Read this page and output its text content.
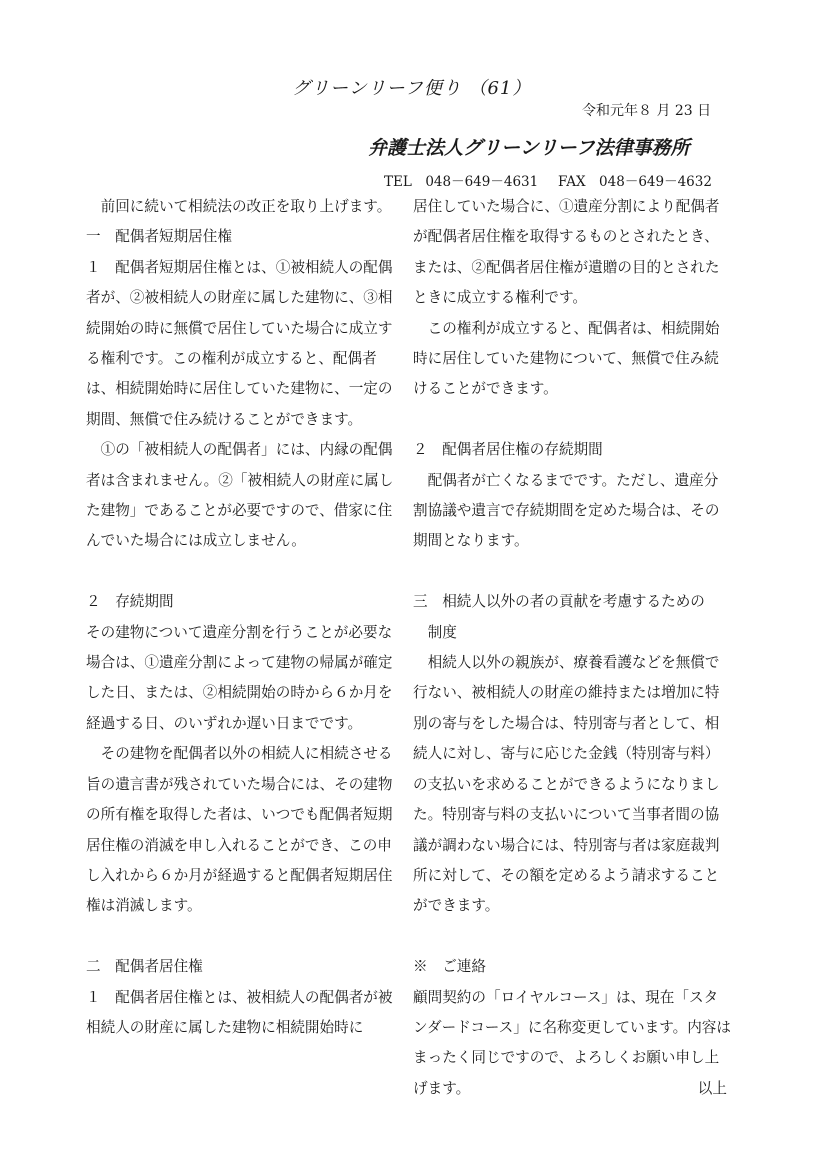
グリーンリーフ便り （61）
令和元年８ 月 23 日
弁護士法人グリーンリーフ法律事務所
TEL　048－649－4631　 FAX　048－649－4632

前回に続いて相続法の改正を取り上げます。

一　配偶者短期居住権

１　配偶者短期居住権とは、①被相続人の配偶者が、②被相続人の財産に属した建物に、③相続開始の時に無償で居住していた場合に成立する権利です。この権利が成立すると、配偶者は、相続開始時に居住していた建物に、一定の期間、無償で住み続けることができます。

①の「被相続人の配偶者」には、内縁の配偶者は含まれません。②「被相続人の財産に属した建物」であることが必要ですので、借家に住んでいた場合には成立しません。

２　存続期間

その建物について遺産分割を行うことが必要な場合は、①遺産分割によって建物の帰属が確定した日、または、②相続開始の時から６か月を経過する日、のいずれか遅い日までです。

その建物を配偶者以外の相続人に相続させる旨の遺言書が残されていた場合には、その建物の所有権を取得した者は、いつでも配偶者短期居住権の消滅を申し入れることができ、この申し入れから６か月が経過すると配偶者短期居住権は消滅します。

二　配偶者居住権

１　配偶者居住権とは、被相続人の配偶者が被相続人の財産に属した建物に相続開始時に

居住していた場合に、①遺産分割により配偶者が配偶者居住権を取得するものとされたとき、または、②配偶者居住権が遺贈の目的とされたときに成立する権利です。

この権利が成立すると、配偶者は、相続開始時に居住していた建物について、無償で住み続けることができます。

２　配偶者居住権の存続期間

配偶者が亡くなるまでです。ただし、遺産分割協議や遺言で存続期間を定めた場合は、その期間となります。

三　相続人以外の者の貢献を考慮するための

制度

相続人以外の親族が、療養看護などを無償で行ない、被相続人の財産の維持または増加に特別の寄与をした場合は、特別寄与者として、相続人に対し、寄与に応じた金銭（特別寄与料）の支払いを求めることができるようになりました。特別寄与料の支払いについて当事者間の協議が調わない場合には、特別寄与者は家庭裁判所に対して、その額を定めるよう請求することができます。

※　ご連絡

顧問契約の「ロイヤルコース」は、現在「スタンダードコース」に名称変更しています。内容はまったく同じですので、よろしくお願い申し上げます。	以上
